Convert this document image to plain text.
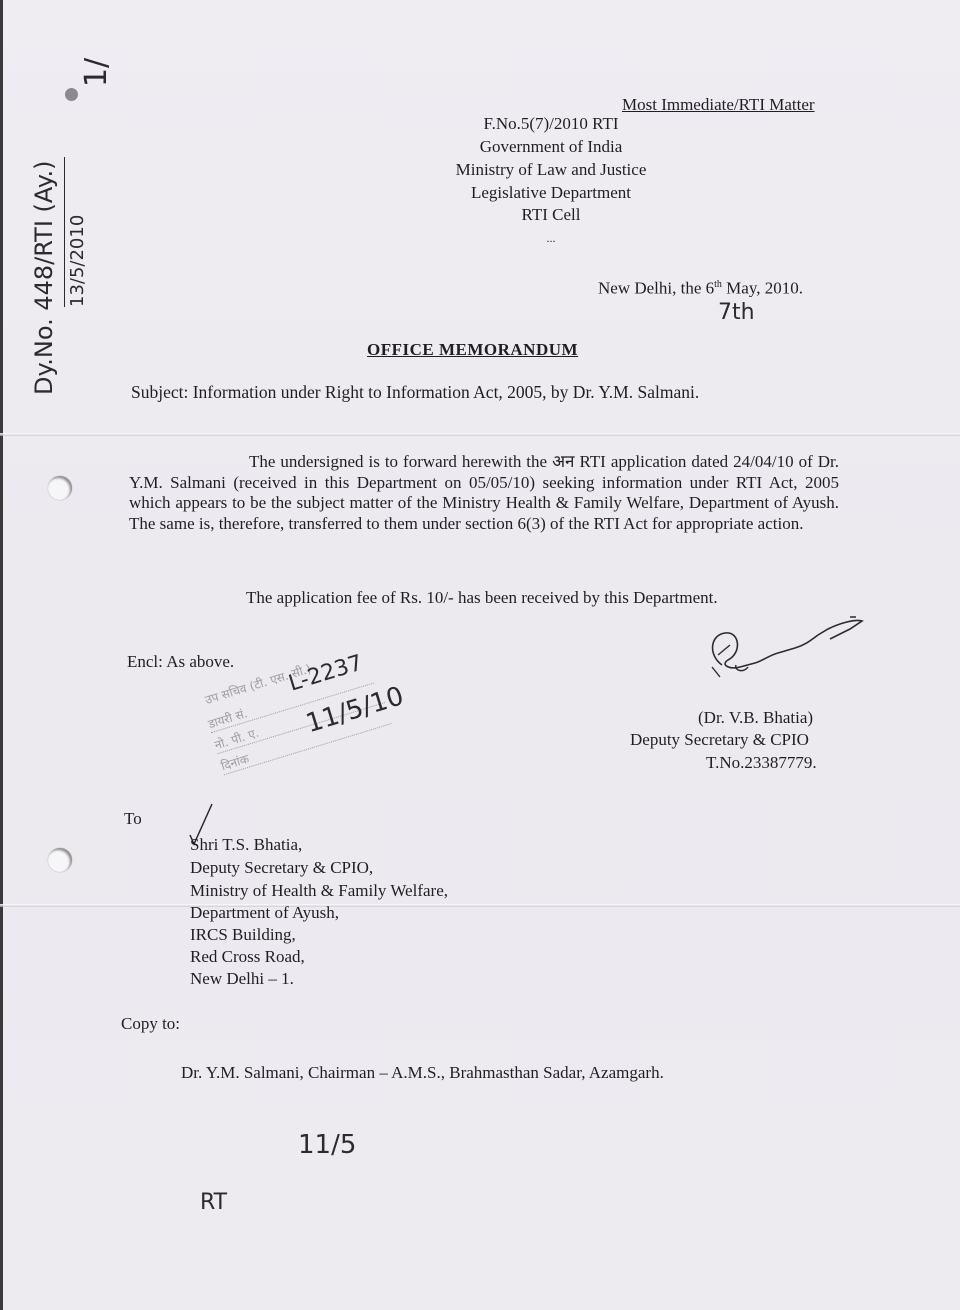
Most Immediate/RTI Matter
F.No.5(7)/2010 RTI
Government of India
Ministry of Law and Justice
Legislative Department
RTI Cell
...
New Delhi, the 6th May, 2010.
OFFICE MEMORANDUM
Subject: Information under Right to Information Act, 2005, by Dr. Y.M. Salmani.
The undersigned is to forward herewith the अन RTI application dated 24/04/10 of Dr. Y.M. Salmani (received in this Department on 05/05/10) seeking information under RTI Act, 2005 which appears to be the subject matter of the Ministry Health & Family Welfare, Department of Ayush. The same is, therefore, transferred to them under section 6(3) of the RTI Act for appropriate action.
The application fee of Rs. 10/- has been received by this Department.
Encl: As above.
(Dr. V.B. Bhatia)
Deputy Secretary & CPIO
T.No.23387779.
उप सचिव (टी. एस. सी.)
डायरी सं.
नो. पी. ए.
दिनांक
L-2237
11/5/10
To
Shri T.S. Bhatia,
Deputy Secretary & CPIO,
Ministry of Health & Family Welfare,
Department of Ayush,
IRCS Building,
Red Cross Road,
New Delhi – 1.
Copy to:
Dr. Y.M. Salmani, Chairman – A.M.S., Brahmasthan Sadar, Azamgarh.
Dy.No. 448/RTI (Ay.) 13/5/2010
1/
7th
11/5
RT
